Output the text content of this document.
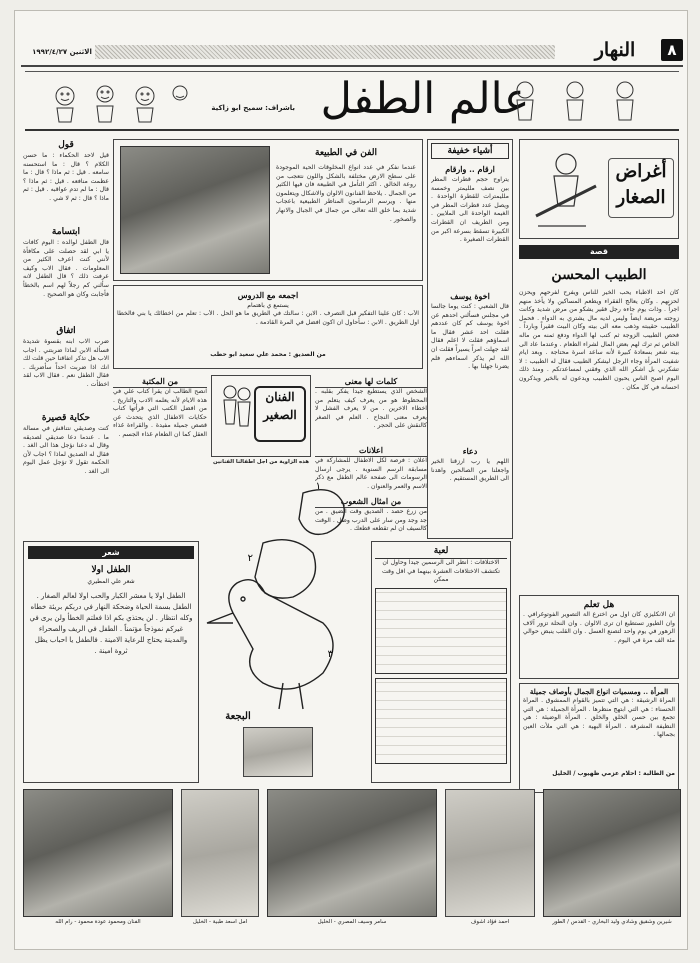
٨
النهار
الاثنين ١٩٩٢/٤/٢٧
عالم الطفل
باشراف: سميح ابو زاكية
أغراض الصغار
قصة
الطبيب المحسن
كان احد الاطباء يحب الخير للناس ويفرح لفرحهم ويحزن لحزنهم . وكان يعالج الفقراء ويطعم المساكين ولا يأخذ منهم اجراً . وذات يوم جاءه رجل فقير يشكو من مرض شديد وكانت زوجته مريضة ايضاً وليس لديه مال يشتري به الدواء . فحمل الطبيب حقيبته وذهب معه الى بيته وكان البيت فقيراً وبارداً . فحص الطبيب الزوجة ثم كتب لها الدواء ودفع ثمنه من ماله الخاص ثم ترك لهم بعض المال لشراء الطعام . وعندما عاد الى بيته شعر بسعادة كبيرة لأنه ساعد اسرة محتاجة . وبعد ايام شفيت المرأة وجاء الرجل ليشكر الطبيب فقال له الطبيب : لا تشكرني بل اشكر الله الذي وفقني لمساعدتكم . ومنذ ذلك اليوم اصبح الناس يحبون الطبيب ويدعون له بالخير ويذكرون احسانه في كل مكان .
هل تعلم
ان الانكليزي كان اول من اخترع آلة التصوير الفوتوغرافي . وان الطيور تستطيع ان ترى الالوان . وان النحلة تزور آلاف الزهور في يوم واحد لتصنع العسل . وان القلب ينبض حوالي مئة الف مرة في اليوم .
المرأة .. ومسميات انواع الجمال بأوصاف جميلة
المرأة الرشيقة : هي التي تتميز بالقوام الممشوق . المرأة الحسناء : هي التي ابتهج منظرها . المرأة الجميلة : هي التي تجمع بين حسن الخلق والخلق . المرأة الوضيئة : هي النظيفة المشرقة . المرأة البهية : هي التي ملأت العين بجمالها .
من الطالبة : احلام عزمي ظهيوب / الخليل
أشياء خفيفة
ارقام .. وارقام
يتراوح حجم قطرات المطر بين نصف ملليمتر وخمسة ملليمترات للقطرة الواحدة . ويصل عدد قطرات المطر في الغيمة الواحدة الى الملايين . ومن الطريف ان القطرات الكبيرة تسقط بسرعة اكبر من القطرات الصغيرة .
اخوة يوسف
قال الشعبي : كنت يوماً جالساً في مجلس فسألني احدهم عن اخوة يوسف كم كان عددهم فقلت احد عشر فقال ما اسماؤهم فقلت لا اعلم فقال لقد جهلت امراً يسيراً فقلت ان الله لم يذكر اسماءهم فلم يضرنا جهلنا بها .
دعاء
اللهم يا رب ارزقنا الخير واجعلنا من الصالحين واهدنا الى الطريق المستقيم .
الفن في الطبيعة
عندما نفكر في عدد انواع المخلوقات الحية الموجودة على سطح الارض مختلفة بالشكل واللون نتعجب من روعة الخالق . اكثر التأمل في الطبيعة فان فيها الكثير من الجمال . يلاحظ الفنانون الالوان والاشكال ويتعلمون منها . ويرسم الرسامون المناظر الطبيعية باعجاب شديد بما خلق الله تعالى من جمال في الجبال والانهار والصخور .
اجمعه مع الدروس
يستمع ي باهتمام
الأب : كان علينا التفكير قبل التصرف . الابن : سألتك في الطريق ما هو الحل . الأب : تعلم من اخطائك يا بني فالخطأ اول الطريق . الابن : سأحاول ان اكون افضل في المرة القادمة .
من الصديق : محمد علي سعيد ابو حطب
كلمات لها معنى
الشخص الذي يستطيع جيداً يفكر بقلبه . المحظوظ هو من يعرف كيف يتعلم من اخطاء الاخرين . من لا يعرف الفشل لا يعرف معنى النجاح . العلم في الصغر كالنقش على الحجر .
اعلانات
اعلان : فرصة لكل الاطفال للمشاركة في مسابقة الرسم السنوية . يرجى ارسال الرسومات الى صفحة عالم الطفل مع ذكر الاسم والعمر والعنوان .
من امثال الشعوب
من زرع حصد . الصديق وقت الضيق . من جد وجد ومن سار على الدرب وصل . الوقت كالسيف ان لم تقطعه قطعك .
من المكتبة
انصح الطالب ان يقرأ كتاب علي في هذه الايام لأنه يعلمه الادب والتاريخ . من افضل الكتب التي قرأتها كتاب حكايات الاطفال الذي يتحدث عن قصص جميلة مفيدة . والقراءة غذاء العقل كما ان الطعام غذاء الجسم .
الفنان الصغير
هذه الزاوية من اجل اطفالنا الفنانين
قول
قيل لاحد الحكماء : ما حسن الكلام ؟ قال : ما استحسنه سامعه . قيل : ثم ماذا ؟ قال : ما عظمت منافعه . قيل : ثم ماذا ؟ قال : ما لم تدم عواقبه . قيل : ثم ماذا ؟ قال : ثم لا شي .
ابتسامة
قال الطفل لوالده : اليوم كافأت يا ابي لقد حصلت على مكافأة لأنني كنت اعرف الكثير من المعلومات . فقال الاب وكيف عرفت ذلك ؟ قال الطفل لانه سألني كم رجلاً لهم اسم بالخطأ فأجابت وكان هو الصحيح .
اتفاق
ضرب الاب ابنه بقسوة شديدة فسأله الابن لماذا ضربتني . اجاب الاب هل تذكر اتفاقنا حين قلت لك انك اذا ضربت احداً سأضربك . فقال الطفل نعم . فقال الاب لقد اخطأت .
حكاية قصيرة
كنت وصديقي نتناقش في مسألة ما . عندما دعا صديقي لصديقه وقال له دعنا نؤجل هذا الى الغد . فقال له الصديق لماذا ؟ اجاب لأن الحكمة تقول لا تؤجل عمل اليوم الى الغد .
شعر
الطفل اولا
شعر علي المطيري
الطفل اولا يا معشر الكبار والحب اولا لعالم الصغار . الطفل بسمة الحياة وضحكة النهار في دربكم بريئة خطاه وكله انتظار . لن يحتذي بكم اذا فعلتم الخطأ ولن يرى في غيركم نموذجاً مؤتمناً . الطفل في الريف والصحراء والمدينة يحتاج للرعاية الامينة . فالطفل يا احباب يظل ثروة امينة .
١
٢
٣
البجعة
لعبة
الاختلافات : انظر الى الرسمين جيداً وحاول ان تكتشف الاختلافات العشرة بينهما في اقل وقت ممكن
الفنان ومحمود عودة محمود - رام الله	امل اسعد طبية - الخليل	سامر وسيف المصري - الخليل	احمد فؤاد اشوف	شيرين وشقيق وشادي وليد البخاري - القدس / الطور
